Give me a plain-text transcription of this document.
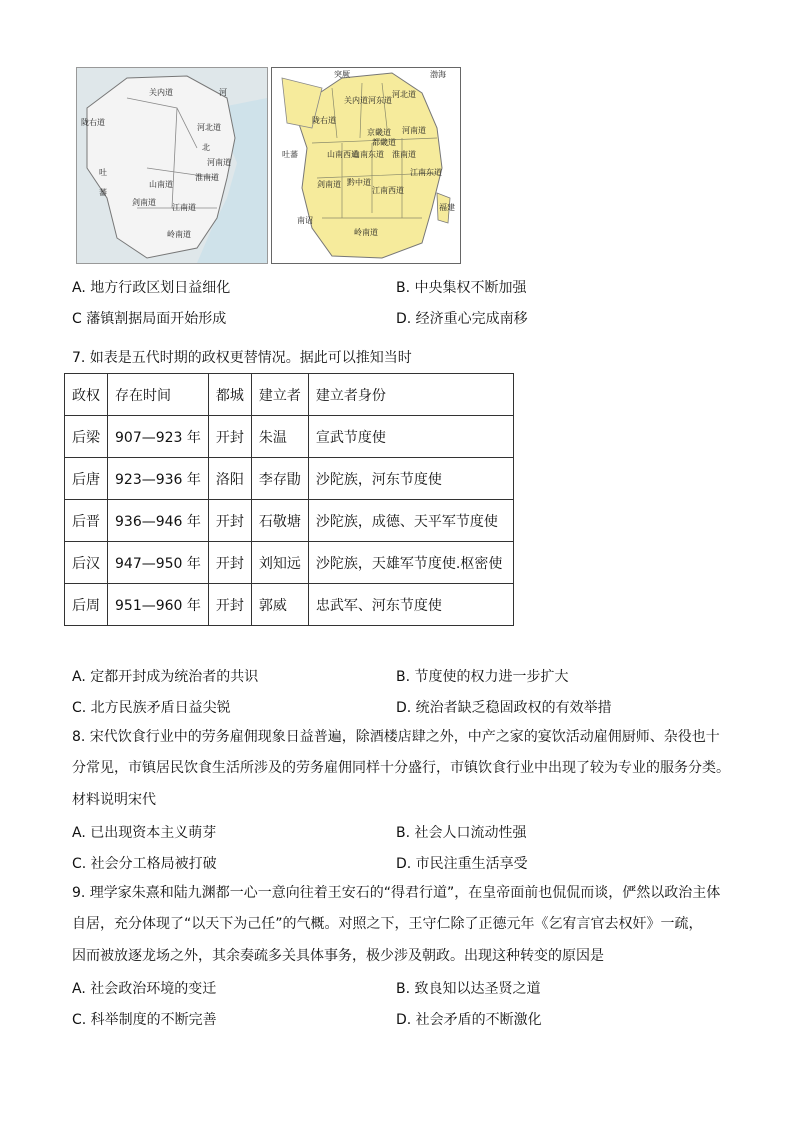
关内道
河北道
北
河
陇右道
吐
蕃
山南道
剑南道
江南道
淮南道
岭南道
河南道
突厥	渤海
吐蕃
南诏
关内道 河东道
河北道
京畿道 河南道
都畿道
陇右道
山南西道
山南东道 淮南道
剑南道 黔中道
江南西道
江南东道
岭南道
福建
A. 地方行政区划日益细化	B. 中央集权不断加强
C 藩镇割据局面开始形成	D. 经济重心完成南移
7. 如表是五代时期的政权更替情况。据此可以推知当时
政权	存在时间	都城	建立者	建立者身份
后梁	907—923 年	开封	朱温	宣武节度使
后唐	923—936 年	洛阳	李存勖	沙陀族，河东节度使
后晋	936—946 年	开封	石敬塘	沙陀族，成德、天平军节度使
后汉	947—950 年	开封	刘知远	沙陀族，天雄军节度使.枢密使
后周	951—960 年	开封	郭威	忠武军、河东节度使
A. 定都开封成为统治者的共识	B. 节度使的权力进一步扩大
C. 北方民族矛盾日益尖锐	D. 统治者缺乏稳固政权的有效举措
8. 宋代饮食行业中的劳务雇佣现象日益普遍，除酒楼店肆之外，中产之家的宴饮活动雇佣厨师、杂役也十
分常见，市镇居民饮食生活所涉及的劳务雇佣同样十分盛行，市镇饮食行业中出现了较为专业的服务分类。
材料说明宋代
A. 已出现资本主义萌芽	B. 社会人口流动性强
C. 社会分工格局被打破	D. 市民注重生活享受
9. 理学家朱熹和陆九渊都一心一意向往着王安石的“得君行道”，在皇帝面前也侃侃而谈，俨然以政治主体
自居，充分体现了“以天下为己任”的气概。对照之下，王守仁除了正德元年《乞宥言官去权奸》一疏，
因而被放逐龙场之外，其余奏疏多关具体事务，极少涉及朝政。出现这种转变的原因是
A. 社会政治环境的变迁	B. 致良知以达圣贤之道
C. 科举制度的不断完善	D. 社会矛盾的不断激化
